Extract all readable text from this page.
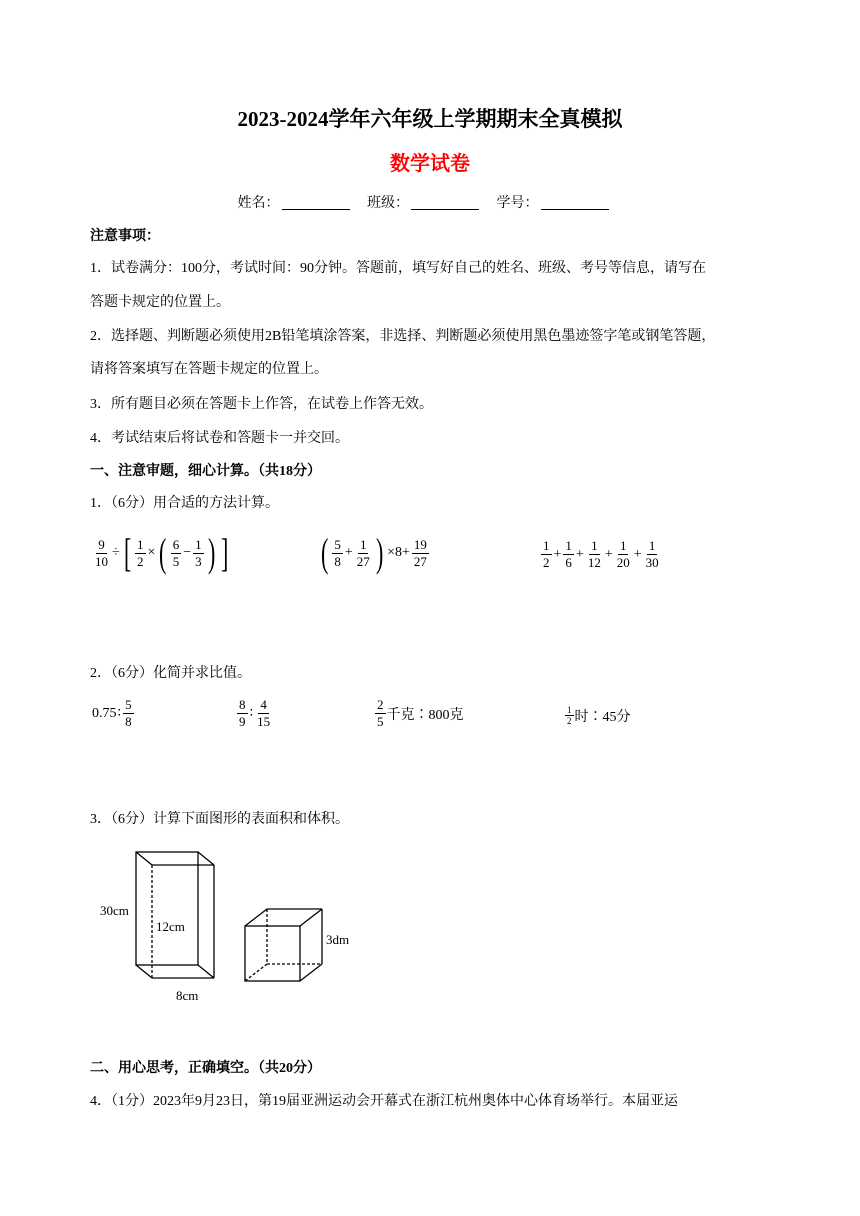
2023-2024学年六年级上学期期末全真模拟
数学试卷
姓名：	班级：	学号：
注意事项：
1．试卷满分：100分，考试时间：90分钟。答题前，填写好自己的姓名、班级、考号等信息，请写在
答题卡规定的位置上。
2．选择题、判断题必须使用2B铅笔填涂答案，非选择、判断题必须使用黑色墨迹签字笔或钢笔答题，
请将答案填写在答题卡规定的位置上。
3．所有题目必须在答题卡上作答，在试卷上作答无效。
4．考试结束后将试卷和答题卡一并交回。
一、注意审题，细心计算。（共18分）
1．（6分）用合适的方法计算。
$\frac{9}{10}$ ÷ [ $\frac{1}{2}$ × ( $\frac{6}{5} - \frac{1}{3}$ ) ] ( $\frac{5}{8} + \frac{1}{27}$ ) $\times 8+ \frac{19}{27}$	$\frac{1}{2} + \frac{1}{6} + \frac{1}{12} + \frac{1}{20} + \frac{1}{30}$
2．（6分）化简并求比值。
0.75 ∶ $\frac{5}{8}$	$\frac{8}{9}$ ∶ $\frac{4}{15}$	$\frac{2}{5}$ 千克∶800克	$\frac{1}{2}$ 时∶45分
3．（6分）计算下面图形的表面积和体积。
30cm
12cm
8cm
3dm
二、用心思考，正确填空。（共20分）
4．（1分）2023年9月23日，第19届亚洲运动会开幕式在浙江杭州奥体中心体育场举行。本届亚运
